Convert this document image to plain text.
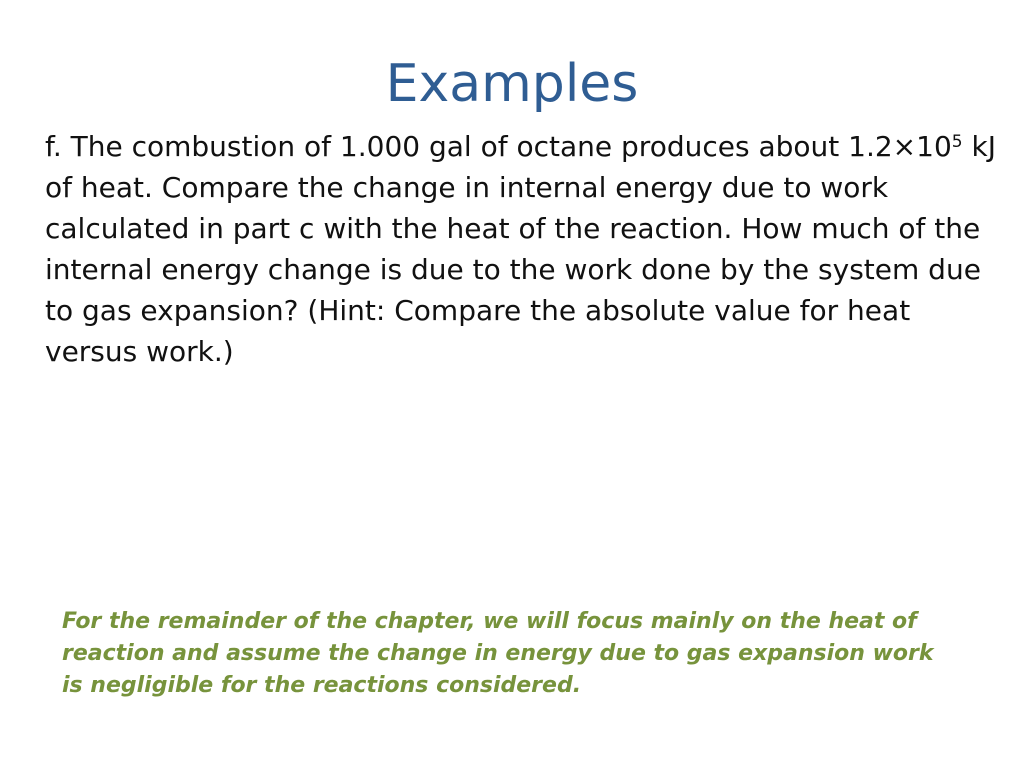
Examples
f. The combustion of 1.000 gal of octane produces about $1.2\times 10^5$ kJ of heat. Compare the change in internal energy due to work calculated in part c with the heat of the reaction. How much of the internal energy change is due to the work done by the system due to gas expansion? (Hint: Compare the absolute value for heat versus work.)
For the remainder of the chapter, we will focus mainly on the heat of reaction and assume the change in energy due to gas expansion work is negligible for the reactions considered.
